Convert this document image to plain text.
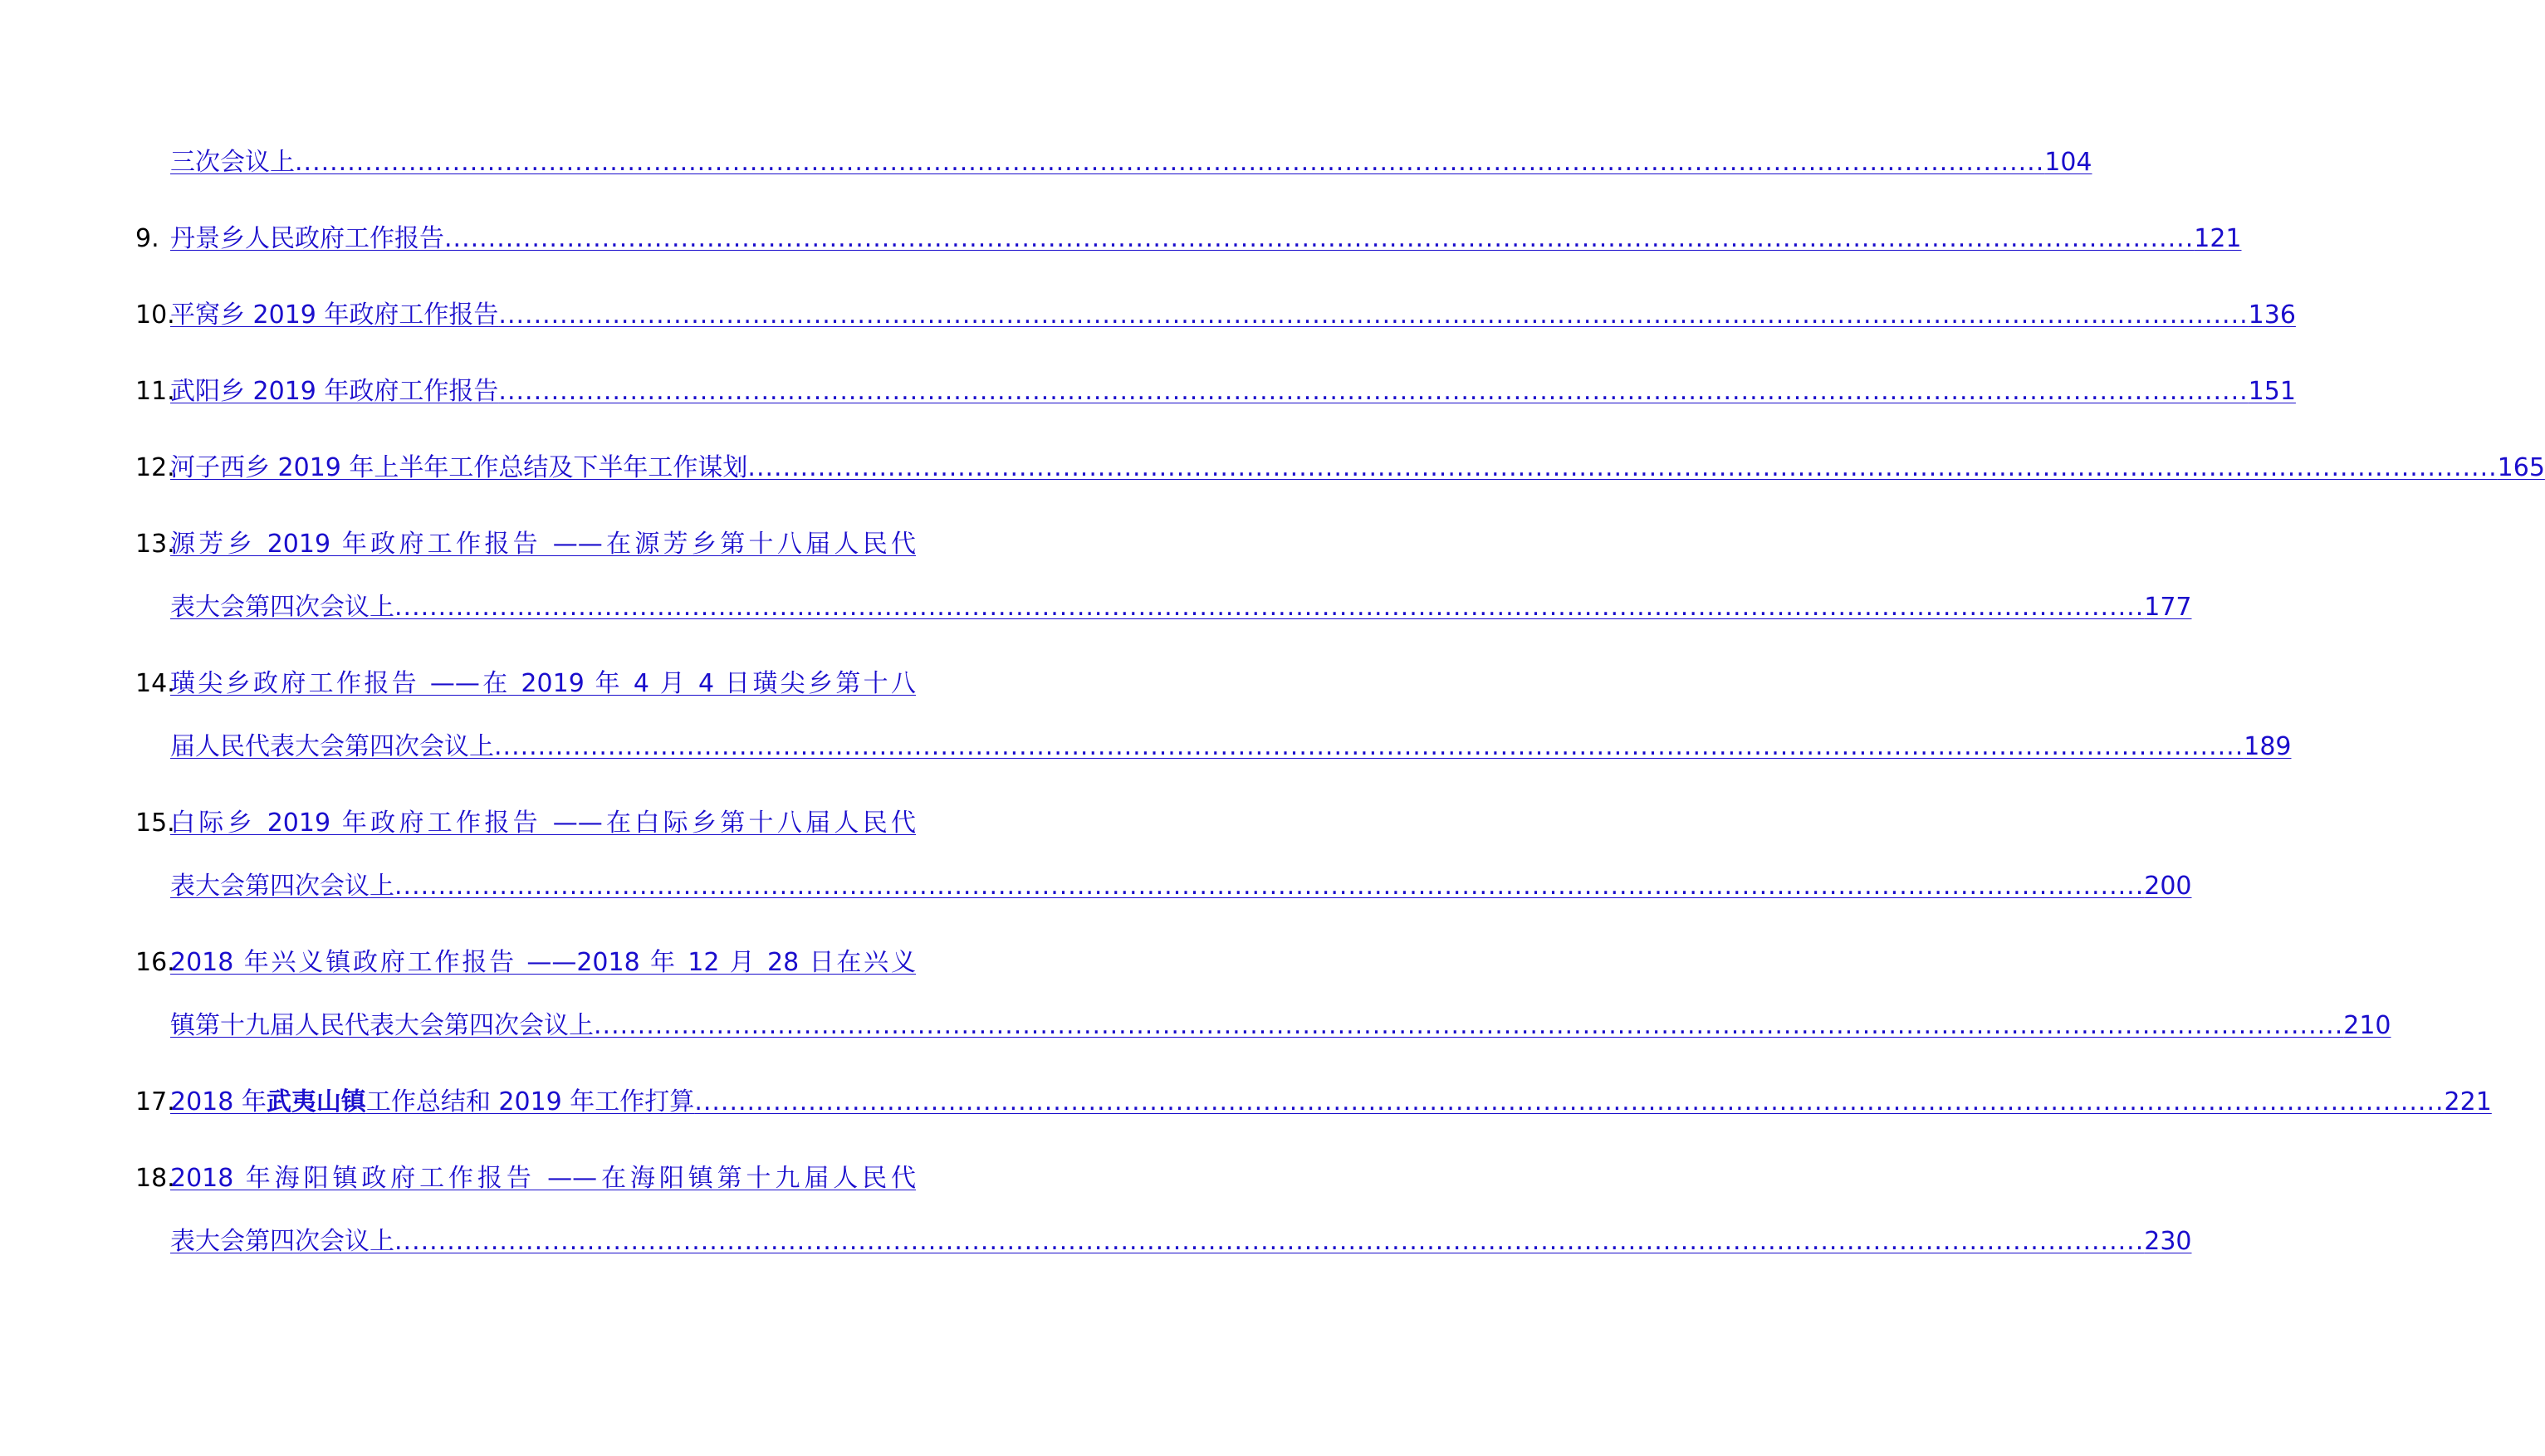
三次会议上 ........................................................................................................................................................................................................ 104
9. 丹景乡人民政府工作报告 ........................................................................................................................................................................................................ 121
10.
平窝乡 2019 年政府工作报告 ........................................................................................................................................................................................................ 136
11.
武阳乡 2019 年政府工作报告 ........................................................................................................................................................................................................ 151
12.
河子西乡 2019 年上半年工作总结及下半年工作谋划 ........................................................................................................................................................................................................ 165
13.
源芳乡 2019 年政府工作报告 ——在源芳乡第十八届人民代
表大会第四次会议上 ........................................................................................................................................................................................................ 177
14.
璜尖乡政府工作报告 ——在 2019 年 4 月 4 日璜尖乡第十八
届人民代表大会第四次会议上 ........................................................................................................................................................................................................ 189
15.
白际乡 2019 年政府工作报告 ——在白际乡第十八届人民代
表大会第四次会议上 ........................................................................................................................................................................................................ 200
16.
2018 年兴义镇政府工作报告 ——2018 年 12 月 28 日在兴义
镇第十九届人民代表大会第四次会议上 ........................................................................................................................................................................................................ 210
17.
2018 年武夷山镇工作总结和 2019 年工作打算 ........................................................................................................................................................................................................ 221
18.
2018 年海阳镇政府工作报告 ——在海阳镇第十九届人民代
表大会第四次会议上 ........................................................................................................................................................................................................ 230
